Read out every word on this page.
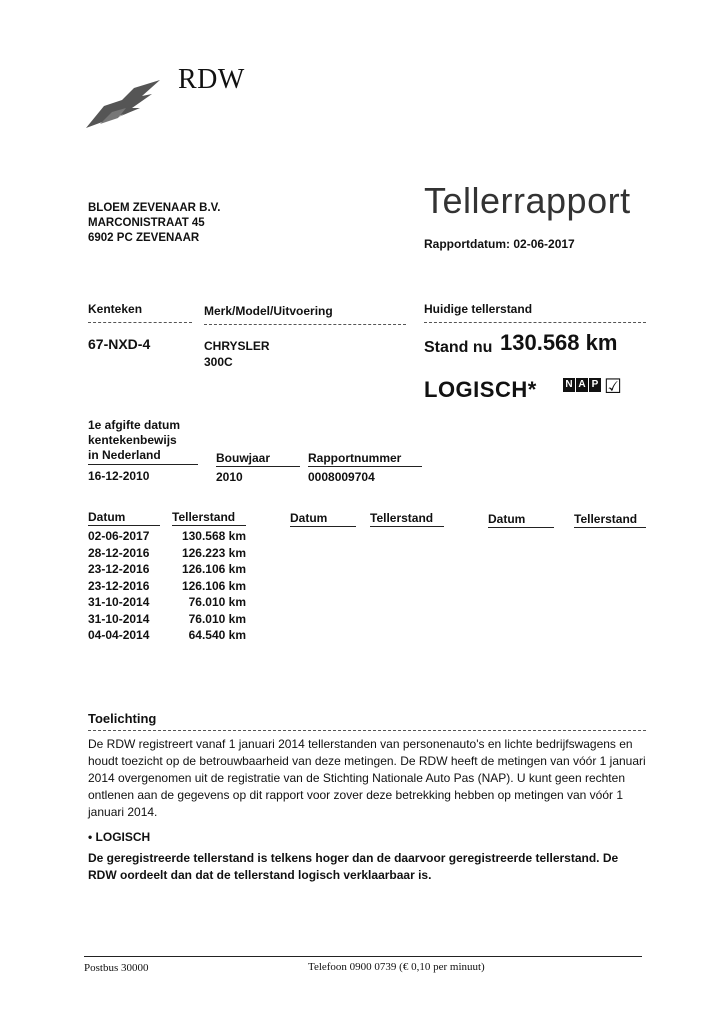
RDW
BLOEM ZEVENAAR B.V.
MARCONISTRAAT 45
6902 PC ZEVENAAR
Tellerrapport
Rapportdatum: 02-06-2017
Kenteken	Merk/Model/Uitvoering	Huidige tellerstand
67-NXD-4	CHRYSLER
300C
Stand nu 130.568 km
LOGISCH*	N A P ☑
1e afgifte datum
kentekenbewijs
in Nederland	Bouwjaar	Rapportnummer
16-12-2010	2010	0008009704
Datum	Tellerstand	Datum	Tellerstand	Datum	Tellerstand
02-06-2017	130.568 km
28-12-2016	126.223 km
23-12-2016	126.106 km
23-12-2016	126.106 km
31-10-2014	76.010 km
31-10-2014	76.010 km
04-04-2014	64.540 km
Toelichting
De RDW registreert vanaf 1 januari 2014 tellerstanden van personenauto's en lichte bedrijfswagens en houdt toezicht op de betrouwbaarheid van deze metingen. De RDW heeft de metingen van vóór 1 januari 2014 overgenomen uit de registratie van de Stichting Nationale Auto Pas (NAP). U kunt geen rechten ontlenen aan de gegevens op dit rapport voor zover deze betrekking hebben op metingen van vóór 1 januari 2014.
• LOGISCH
De geregistreerde tellerstand is telkens hoger dan de daarvoor geregistreerde tellerstand. De RDW oordeelt dan dat de tellerstand logisch verklaarbaar is.
Postbus 30000	Telefoon 0900 0739 (€ 0,10 per minuut)
